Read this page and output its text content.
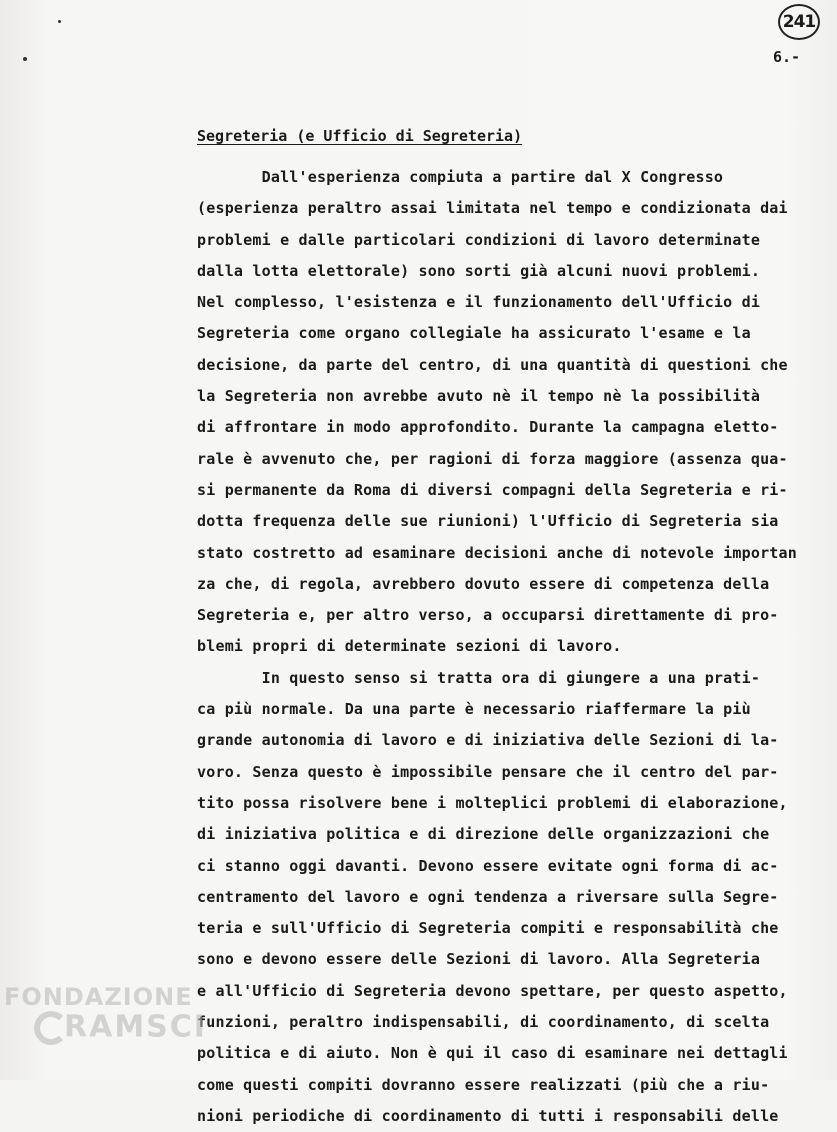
241
6.-
Segreteria (e Ufficio di Segreteria)
Dall'esperienza compiuta a partire dal X Congresso
(esperienza peraltro assai limitata nel tempo e condizionata dai
problemi e dalle particolari condizioni di lavoro determinate
dalla lotta elettorale) sono sorti già alcuni nuovi problemi.
Nel complesso, l'esistenza e il funzionamento dell'Ufficio di
Segreteria come organo collegiale ha assicurato l'esame e la
decisione, da parte del centro, di una quantità di questioni che
la Segreteria non avrebbe avuto nè il tempo nè la possibilità
di affrontare in modo approfondito. Durante la campagna eletto-
rale è avvenuto che, per ragioni di forza maggiore (assenza qua-
si permanente da Roma di diversi compagni della Segreteria e ri-
dotta frequenza delle sue riunioni) l'Ufficio di Segreteria sia
stato costretto ad esaminare decisioni anche di notevole importan
za che, di regola, avrebbero dovuto essere di competenza della
Segreteria e, per altro verso, a occuparsi direttamente di pro-
blemi propri di determinate sezioni di lavoro.
In questo senso si tratta ora di giungere a una prati-
ca più normale. Da una parte è necessario riaffermare la più
grande autonomia di lavoro e di iniziativa delle Sezioni di la-
voro. Senza questo è impossibile pensare che il centro del par-
tito possa risolvere bene i molteplici problemi di elaborazione,
di iniziativa politica e di direzione delle organizzazioni che
ci stanno oggi davanti. Devono essere evitate ogni forma di ac-
centramento del lavoro e ogni tendenza a riversare sulla Segre-
teria e sull'Ufficio di Segreteria compiti e responsabilità che
sono e devono essere delle Sezioni di lavoro. Alla Segreteria
e all'Ufficio di Segreteria devono spettare, per questo aspetto,
funzioni, peraltro indispensabili, di coordinamento, di scelta
politica e di aiuto. Non è qui il caso di esaminare nei dettagli
come questi compiti dovranno essere realizzati (più che a riu-
nioni periodiche di coordinamento di tutti i responsabili delle
FONDAZIONE
RAMSCI
